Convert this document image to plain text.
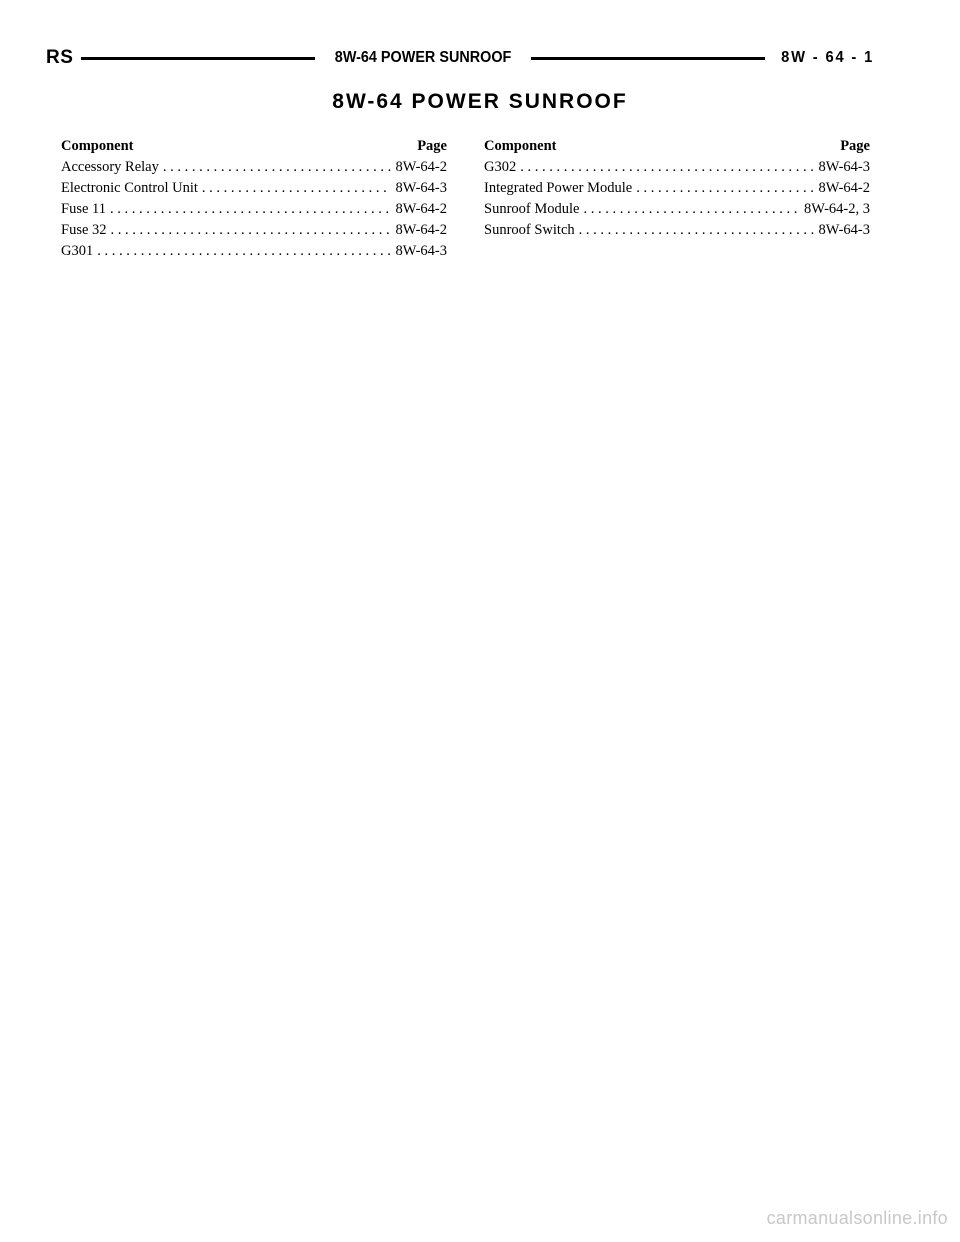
RS	8W-64 POWER SUNROOF	8W - 64 - 1
8W-64 POWER SUNROOF
Component	Page
Accessory Relay . . .	8W-64-2
Electronic Control Unit . . .	8W-64-3
Fuse 11 . . .	8W-64-2
Fuse 32 . . .	8W-64-2
G301 . . .	8W-64-3
Component	Page
G302 . . .	8W-64-3
Integrated Power Module . . .	8W-64-2
Sunroof Module . . .	8W-64-2, 3
Sunroof Switch . . .	8W-64-3
carmanualsonline.info
